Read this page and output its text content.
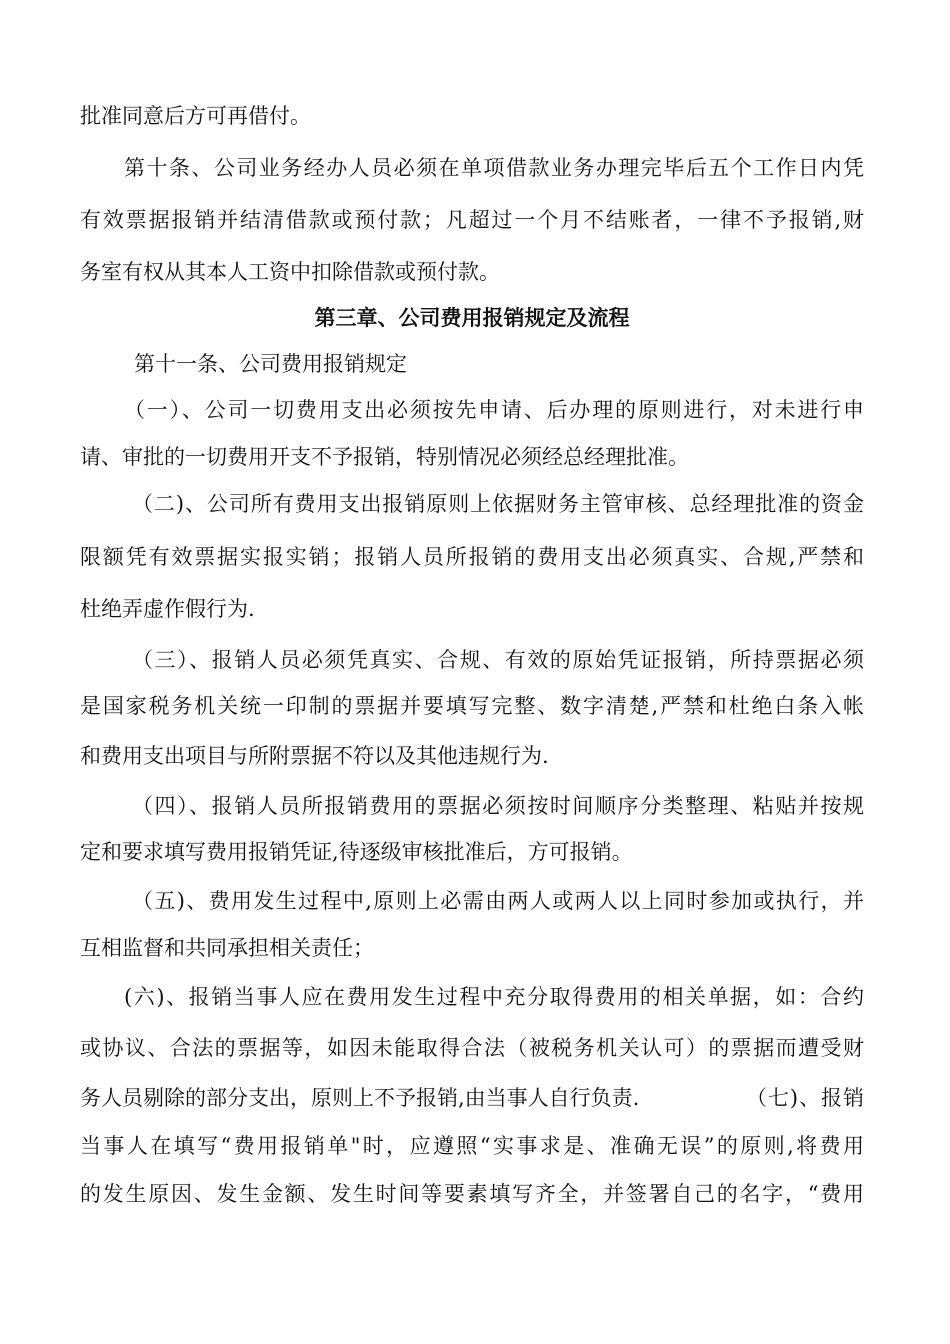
批准同意后方可再借付。
第十条、公司业务经办人员必须在单项借款业务办理完毕后五个工作日内凭
有效票据报销并结清借款或预付款；凡超过一个月不结账者，一律不予报销,财
务室有权从其本人工资中扣除借款或预付款。
第三章、公司费用报销规定及流程
第十一条、公司费用报销规定
（一）、公司一切费用支出必须按先申请、后办理的原则进行，对未进行申
请、审批的一切费用开支不予报销，特别情况必须经总经理批准。
（二)、公司所有费用支出报销原则上依据财务主管审核、总经理批准的资金
限额凭有效票据实报实销；报销人员所报销的费用支出必须真实、合规,严禁和
杜绝弄虚作假行为.
（三）、报销人员必须凭真实、合规、有效的原始凭证报销，所持票据必须
是国家税务机关统一印制的票据并要填写完整、数字清楚,严禁和杜绝白条入帐
和费用支出项目与所附票据不符以及其他违规行为.
（四）、报销人员所报销费用的票据必须按时间顺序分类整理、粘贴并按规
定和要求填写费用报销凭证,待逐级审核批准后，方可报销。
（五)、费用发生过程中,原则上必需由两人或两人以上同时参加或执行，并
互相监督和共同承担相关责任；
(六)、报销当事人应在费用发生过程中充分取得费用的相关单据，如：合约
或协议、合法的票据等，如因未能取得合法（被税务机关认可）的票据而遭受财
务人员剔除的部分支出，原则上不予报销,由当事人自行负责.	（七)、报销
当事人在填写“费用报销单"时，应遵照“实事求是、准确无误”的原则,将费用
的发生原因、发生金额、发生时间等要素填写齐全，并签署自己的名字，“费用
